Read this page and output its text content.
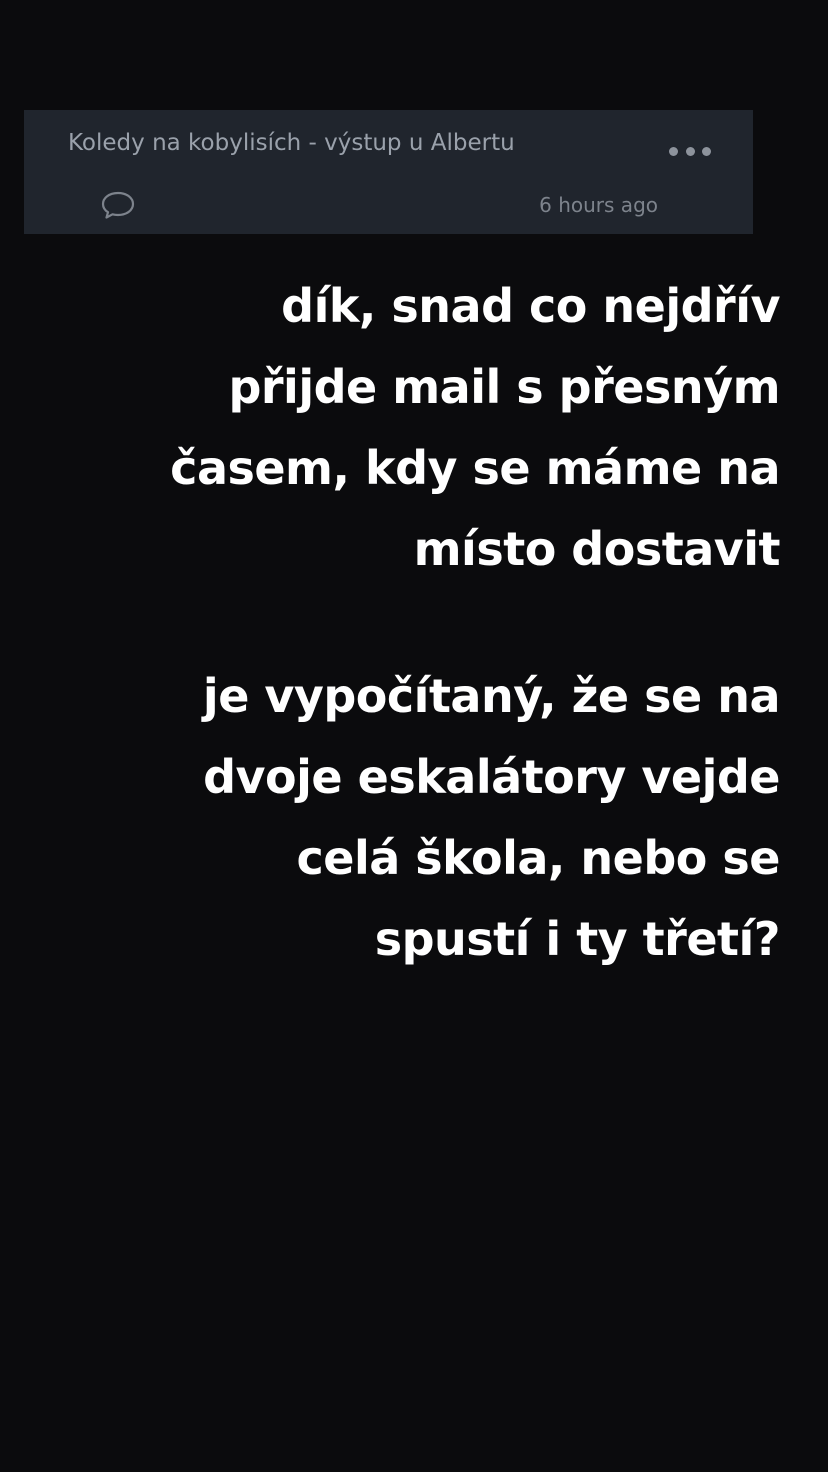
Koledy na kobylisích - výstup u Albertu
6 hours ago
dík, snad co nejdřív
přijde mail s přesným
časem, kdy se máme na
místo dostavit
je vypočítaný, že se na
dvoje eskalátory vejde
celá škola, nebo se
spustí i ty třetí?
